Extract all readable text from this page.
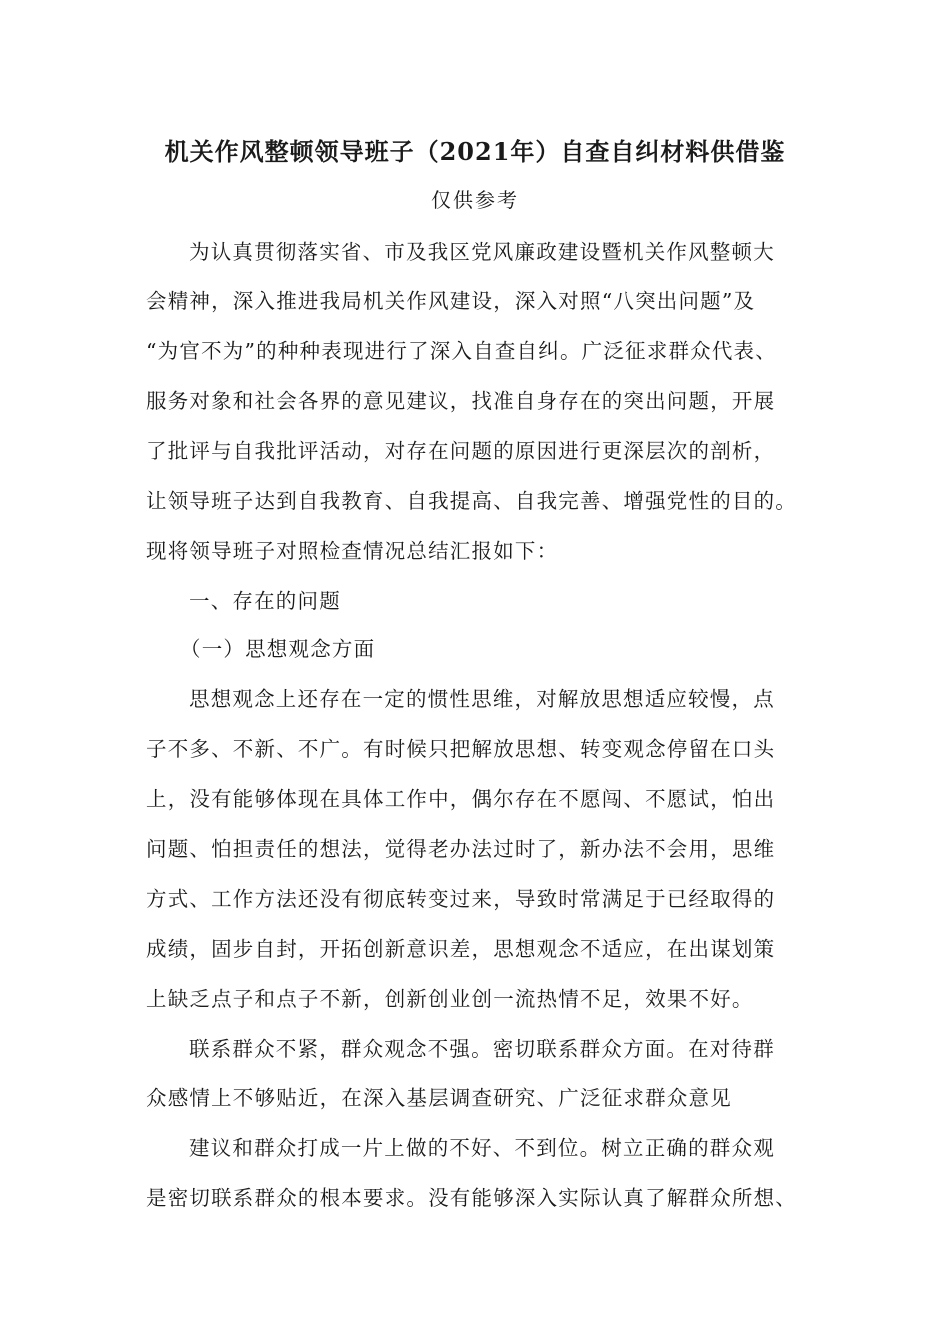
机关作风整顿领导班子（2021年）自查自纠材料供借鉴
仅供参考
为认真贯彻落实省、市及我区党风廉政建设暨机关作风整顿大
会精神，深入推进我局机关作风建设，深入对照“八突出问题”及
“为官不为”的种种表现进行了深入自查自纠。广泛征求群众代表、
服务对象和社会各界的意见建议，找准自身存在的突出问题，开展
了批评与自我批评活动，对存在问题的原因进行更深层次的剖析，
让领导班子达到自我教育、自我提高、自我完善、增强党性的目的。
现将领导班子对照检查情况总结汇报如下：
一、存在的问题
（一）思想观念方面
思想观念上还存在一定的惯性思维，对解放思想适应较慢，点
子不多、不新、不广。有时候只把解放思想、转变观念停留在口头
上，没有能够体现在具体工作中，偶尔存在不愿闯、不愿试，怕出
问题、怕担责任的想法，觉得老办法过时了，新办法不会用，思维
方式、工作方法还没有彻底转变过来，导致时常满足于已经取得的
成绩，固步自封，开拓创新意识差，思想观念不适应，在出谋划策
上缺乏点子和点子不新，创新创业创一流热情不足，效果不好。
联系群众不紧，群众观念不强。密切联系群众方面。在对待群
众感情上不够贴近，在深入基层调查研究、广泛征求群众意见
建议和群众打成一片上做的不好、不到位。树立正确的群众观
是密切联系群众的根本要求。没有能够深入实际认真了解群众所想、
